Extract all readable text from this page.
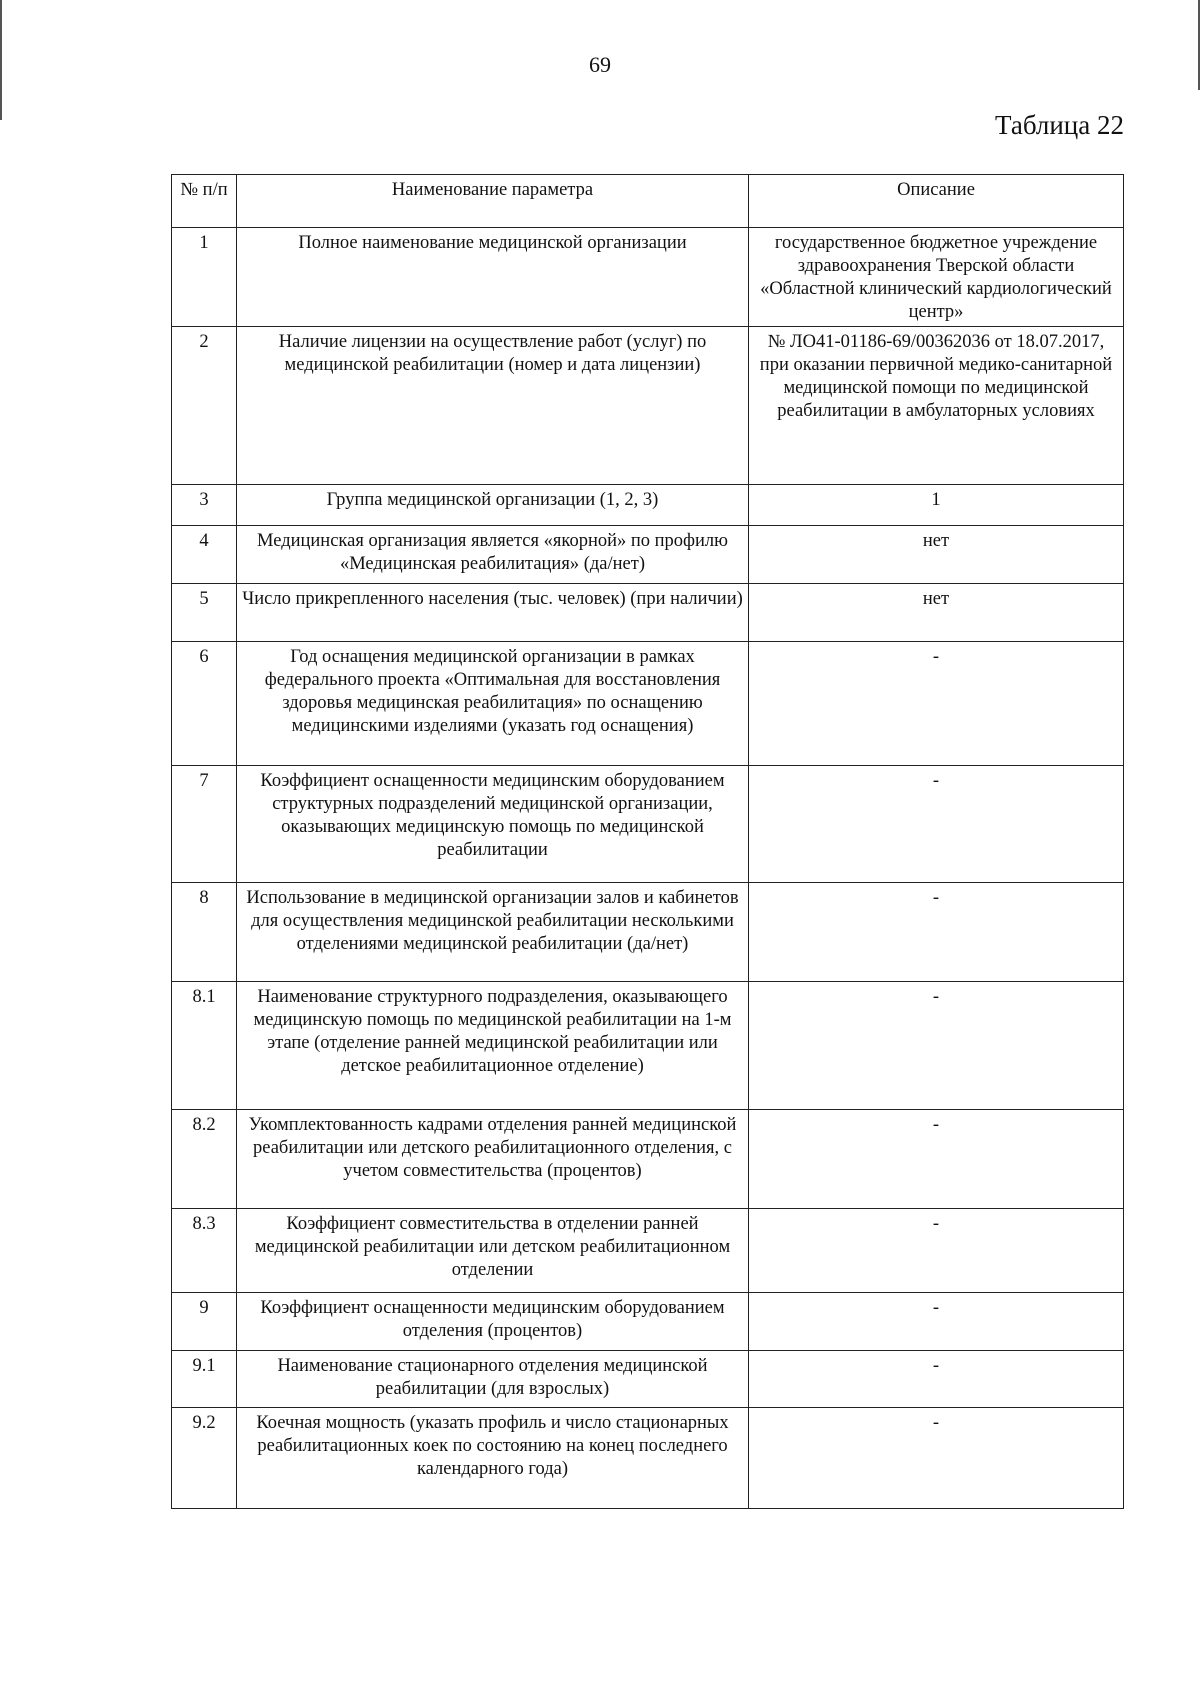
69
Таблица 22
№ п/п	Наименование параметра	Описание
1	Полное наименование медицинской организации	государственное бюджетное учреждение здравоохранения Тверской области «Областной клинический кардиологический центр»
2	Наличие лицензии на осуществление работ (услуг) по медицинской реабилитации (номер и дата лицензии)	№ ЛО41-01186-69/00362036 от 18.07.2017, при оказании первичной медико-санитарной медицинской помощи по медицинской реабилитации в амбулаторных условиях
3	Группа медицинской организации (1, 2, 3)	1
4	Медицинская организация является «якорной» по профилю «Медицинская реабилитация» (да/нет)	нет
5	Число прикрепленного населения (тыс. человек) (при наличии)	нет
6	Год оснащения медицинской организации в рамках федерального проекта «Оптимальная для восстановления здоровья медицинская реабилитация» по оснащению медицинскими изделиями (указать год оснащения)	-
7	Коэффициент оснащенности медицинским оборудованием структурных подразделений медицинской организации, оказывающих медицинскую помощь по медицинской реабилитации	-
8	Использование в медицинской организации залов и кабинетов для осуществления медицинской реабилитации несколькими отделениями медицинской реабилитации (да/нет)	-
8.1	Наименование структурного подразделения, оказывающего медицинскую помощь по медицинской реабилитации на 1-м этапе (отделение ранней медицинской реабилитации или детское реабилитационное отделение)	-
8.2	Укомплектованность кадрами отделения ранней медицинской реабилитации или детского реабилитационного отделения, с учетом совместительства (процентов)	-
8.3	Коэффициент совместительства в отделении ранней медицинской реабилитации или детском реабилитационном отделении	-
9	Коэффициент оснащенности медицинским оборудованием отделения (процентов)	-
9.1	Наименование стационарного отделения медицинской реабилитации (для взрослых)	-
9.2	Коечная мощность (указать профиль и число стационарных реабилитационных коек по состоянию на конец последнего календарного года)	-
